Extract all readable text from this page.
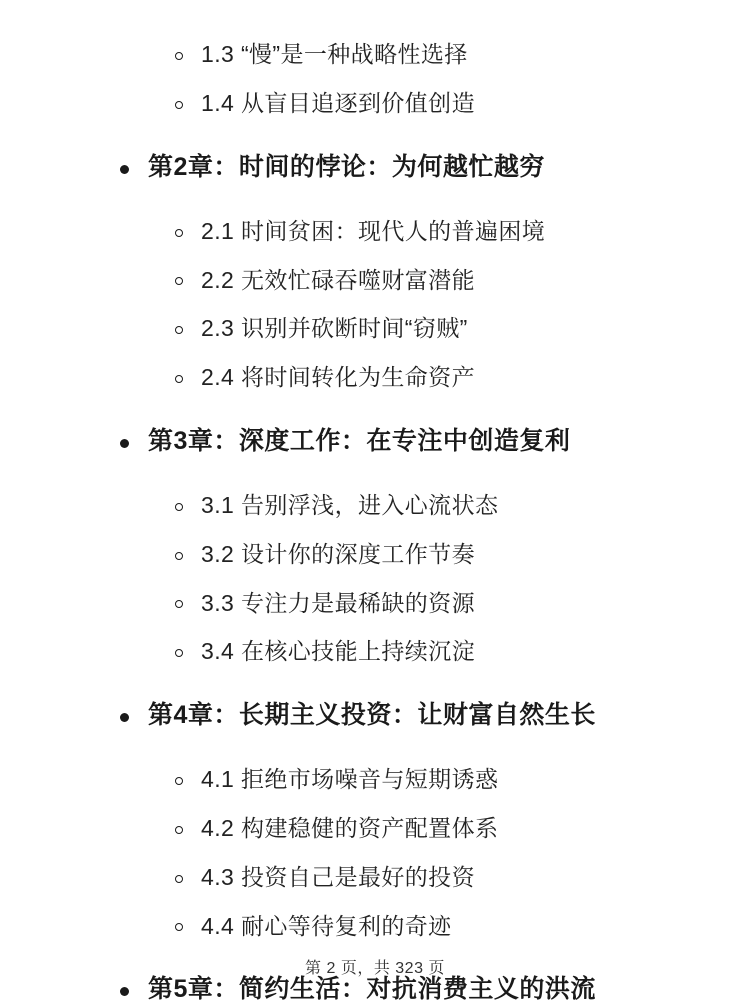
1.3 “慢”是一种战略性选择
1.4 从盲目追逐到价值创造
第2章：时间的悖论：为何越忙越穷
2.1 时间贫困：现代人的普遍困境
2.2 无效忙碌吞噬财富潜能
2.3 识别并砍断时间“窃贼”
2.4 将时间转化为生命资产
第3章：深度工作：在专注中创造复利
3.1 告别浮浅，进入心流状态
3.2 设计你的深度工作节奏
3.3 专注力是最稀缺的资源
3.4 在核心技能上持续沉淀
第4章：长期主义投资：让财富自然生长
4.1 拒绝市场噪音与短期诱惑
4.2 构建稳健的资产配置体系
4.3 投资自己是最好的投资
4.4 耐心等待复利的奇迹
第5章：简约生活：对抗消费主义的洪流
第 2 页，共 323 页
